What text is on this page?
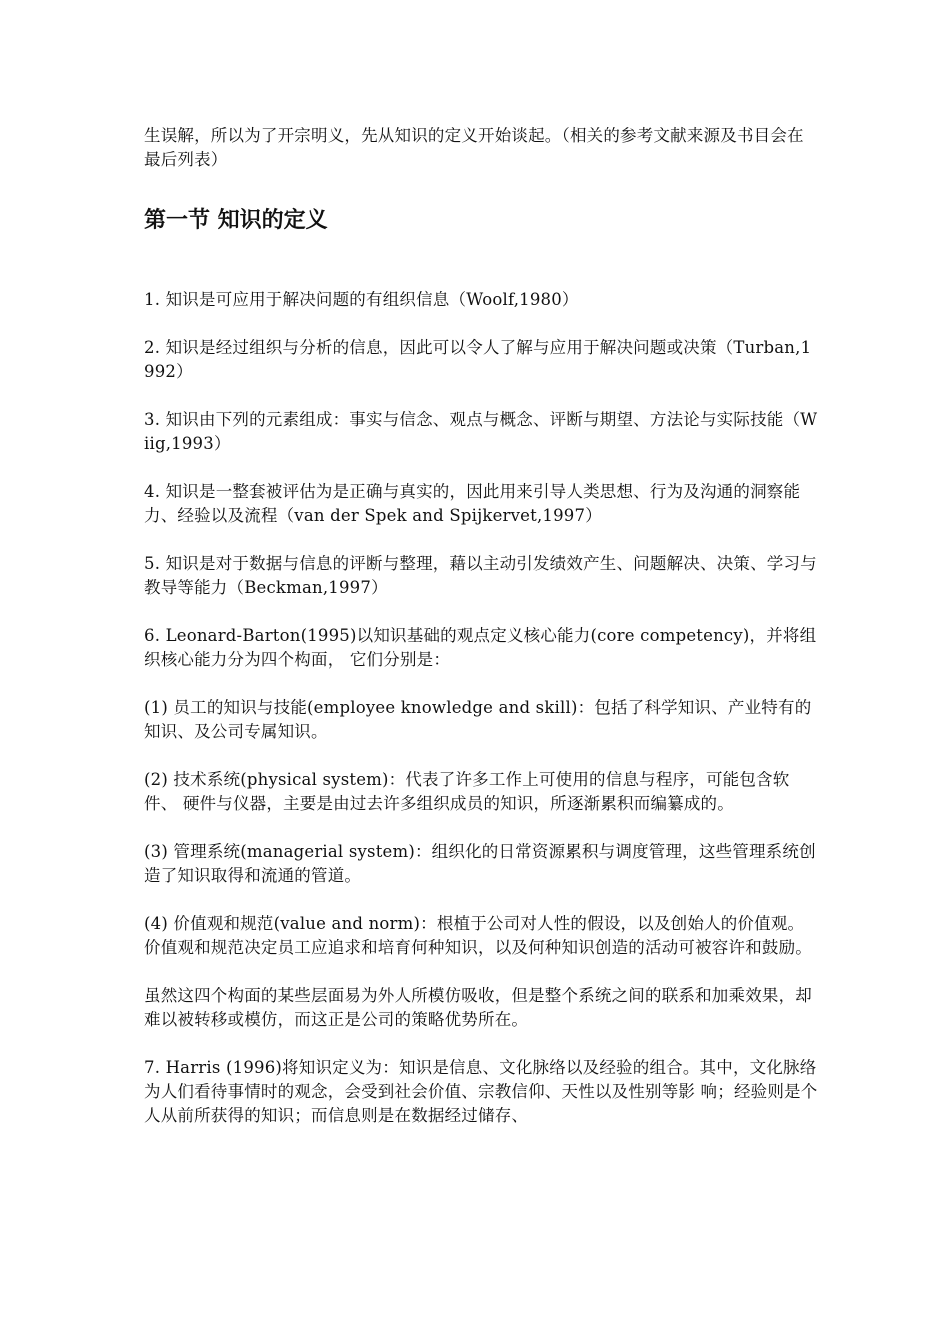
生误解，所以为了开宗明义，先从知识的定义开始谈起。（相关的参考文献来源及书目会在最后列表）

第一节 知识的定义

1. 知识是可应用于解决问题的有组织信息（Woolf,1980）

2. 知识是经过组织与分析的信息，因此可以令人了解与应用于解决问题或决策（Turban,1992）

3. 知识由下列的元素组成：事实与信念、观点与概念、评断与期望、方法论与实际技能（Wiig,1993）

4. 知识是一整套被评估为是正确与真实的，因此用来引导人类思想、行为及沟通的洞察能力、经验以及流程（van der Spek and Spijkervet,1997）

5. 知识是对于数据与信息的评断与整理，藉以主动引发绩效产生、问题解决、决策、学习与教导等能力（Beckman,1997）

6. Leonard-Barton(1995)以知识基础的观点定义核心能力(core competency)，并将组织核心能力分为四个构面， 它们分别是：

(1) 员工的知识与技能(employee knowledge and skill)：包括了科学知识、产业特有的知识、及公司专属知识。

(2) 技术系统(physical system)：代表了许多工作上可使用的信息与程序，可能包含软件、 硬件与仪器，主要是由过去许多组织成员的知识，所逐渐累积而编纂成的。

(3) 管理系统(managerial system)：组织化的日常资源累积与调度管理，这些管理系统创造了知识取得和流通的管道。

(4) 价值观和规范(value and norm)：根植于公司对人性的假设，以及创始人的价值观。价值观和规范决定员工应追求和培育何种知识，以及何种知识创造的活动可被容许和鼓励。

虽然这四个构面的某些层面易为外人所模仿吸收，但是整个系统之间的联系和加乘效果，却难以被转移或模仿，而这正是公司的策略优势所在。

7. Harris (1996)将知识定义为：知识是信息、文化脉络以及经验的组合。其中，文化脉络为人们看待事情时的观念，会受到社会价值、宗教信仰、天性以及性别等影 响；经验则是个人从前所获得的知识；而信息则是在数据经过储存、
